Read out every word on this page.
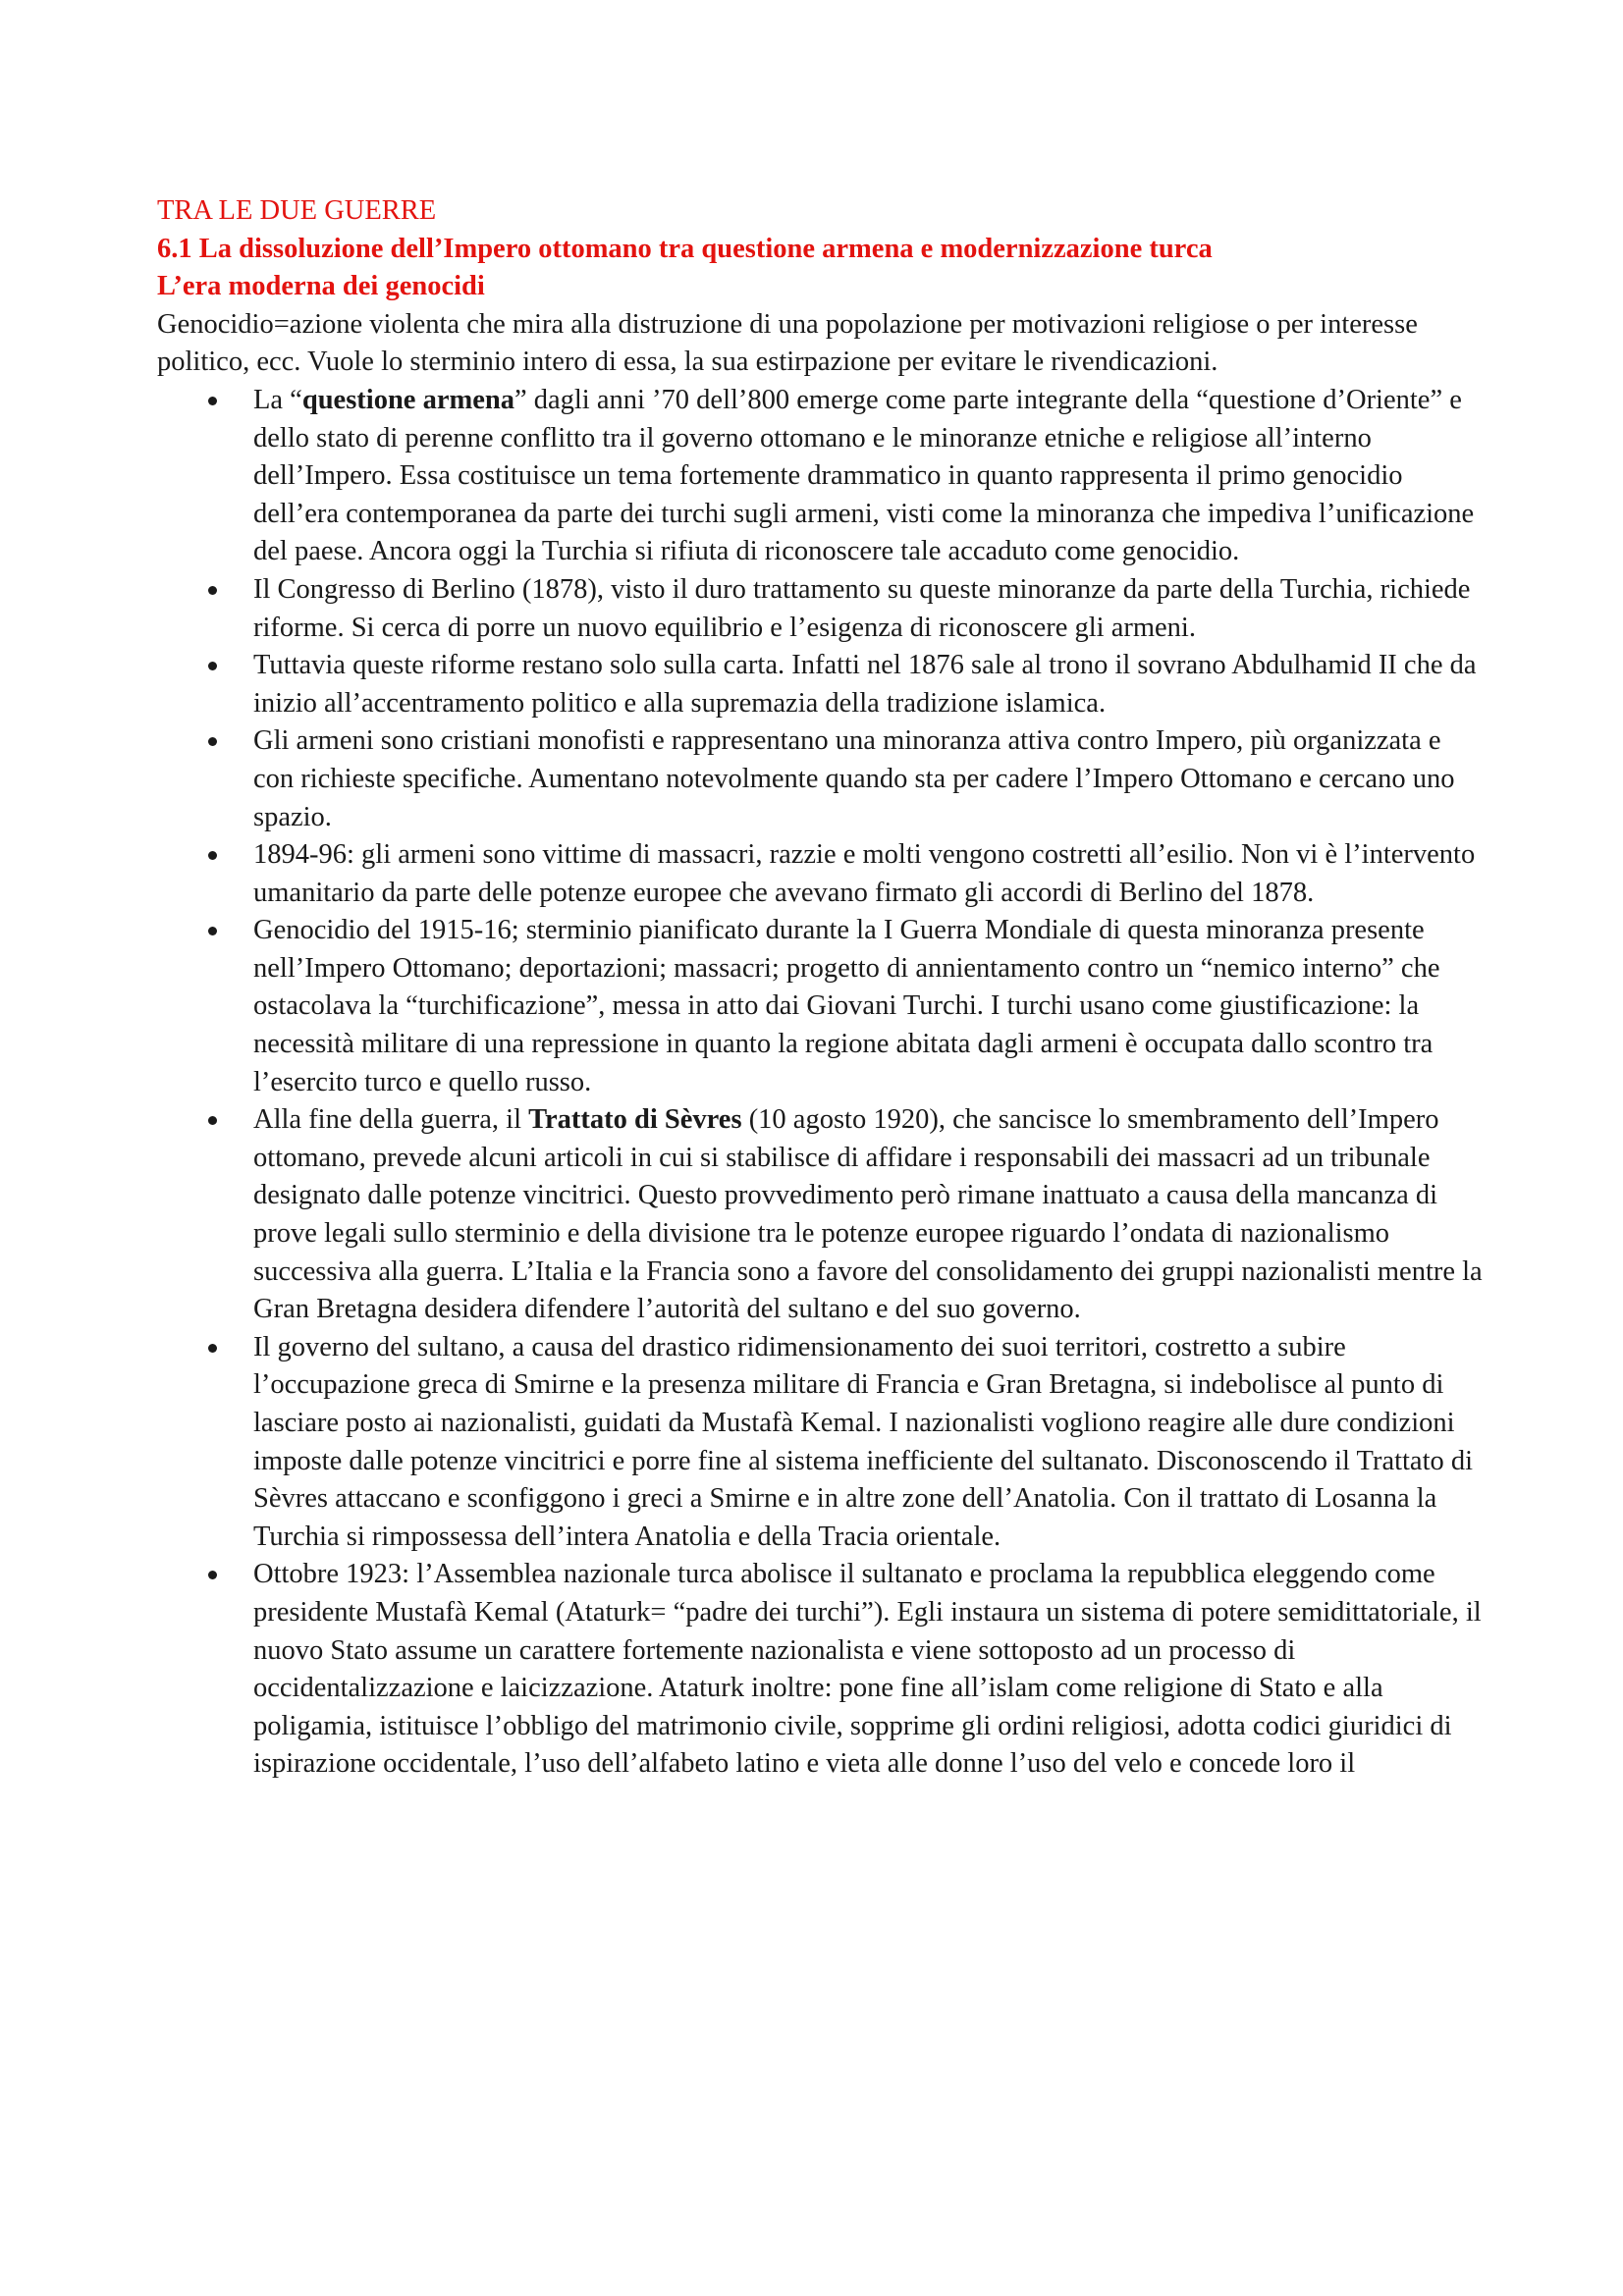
TRA LE DUE GUERRE

6.1 La dissoluzione dell’Impero ottomano tra questione armena e modernizzazione turca

L’era moderna dei genocidi

Genocidio=azione violenta che mira alla distruzione di una popolazione per motivazioni religiose o per interesse politico, ecc. Vuole lo sterminio intero di essa, la sua estirpazione per evitare le rivendicazioni.

La “questione armena” dagli anni ’70 dell’800 emerge come parte integrante della “questione d’Oriente” e dello stato di perenne conflitto tra il governo ottomano e le minoranze etniche e religiose all’interno dell’Impero. Essa costituisce un tema fortemente drammatico in quanto rappresenta il primo genocidio dell’era contemporanea da parte dei turchi sugli armeni, visti come la minoranza che impediva l’unificazione del paese. Ancora oggi la Turchia si rifiuta di riconoscere tale accaduto come genocidio.
Il Congresso di Berlino (1878), visto il duro trattamento su queste minoranze da parte della Turchia, richiede riforme. Si cerca di porre un nuovo equilibrio e l’esigenza di riconoscere gli armeni.
Tuttavia queste riforme restano solo sulla carta. Infatti nel 1876 sale al trono il sovrano Abdulhamid II che da inizio all’accentramento politico e alla supremazia della tradizione islamica.
Gli armeni sono cristiani monofisti e rappresentano una minoranza attiva contro Impero, più organizzata e con richieste specifiche. Aumentano notevolmente quando sta per cadere l’Impero Ottomano e cercano uno spazio.
1894-96: gli armeni sono vittime di massacri, razzie e molti vengono costretti all’esilio. Non vi è l’intervento umanitario da parte delle potenze europee che avevano firmato gli accordi di Berlino del 1878.
Genocidio del 1915-16; sterminio pianificato durante la I Guerra Mondiale di questa minoranza presente nell’Impero Ottomano; deportazioni; massacri; progetto di annientamento contro un “nemico interno” che ostacolava la “turchificazione”, messa in atto dai Giovani Turchi. I turchi usano come giustificazione: la necessità militare di una repressione in quanto la regione abitata dagli armeni è occupata dallo scontro tra l’esercito turco e quello russo.
Alla fine della guerra, il Trattato di Sèvres (10 agosto 1920), che sancisce lo smembramento dell’Impero ottomano, prevede alcuni articoli in cui si stabilisce di affidare i responsabili dei massacri ad un tribunale designato dalle potenze vincitrici. Questo provvedimento però rimane inattuato a causa della mancanza di prove legali sullo sterminio e della divisione tra le potenze europee riguardo l’ondata di nazionalismo successiva alla guerra. L’Italia e la Francia sono a favore del consolidamento dei gruppi nazionalisti mentre la Gran Bretagna desidera difendere l’autorità del sultano e del suo governo.
Il governo del sultano, a causa del drastico ridimensionamento dei suoi territori, costretto a subire l’occupazione greca di Smirne e la presenza militare di Francia e Gran Bretagna, si indebolisce al punto di lasciare posto ai nazionalisti, guidati da Mustafà Kemal. I nazionalisti vogliono reagire alle dure condizioni imposte dalle potenze vincitrici e porre fine al sistema inefficiente del sultanato. Disconoscendo il Trattato di Sèvres attaccano e sconfiggono i greci a Smirne e in altre zone dell’Anatolia. Con il trattato di Losanna la Turchia si rimpossessa dell’intera Anatolia e della Tracia orientale.
Ottobre 1923: l’Assemblea nazionale turca abolisce il sultanato e proclama la repubblica eleggendo come presidente Mustafà Kemal (Ataturk= “padre dei turchi”). Egli instaura un sistema di potere semidittatoriale, il nuovo Stato assume un carattere fortemente nazionalista e viene sottoposto ad un processo di occidentalizzazione e laicizzazione. Ataturk inoltre: pone fine all’islam come religione di Stato e alla poligamia, istituisce l’obbligo del matrimonio civile, sopprime gli ordini religiosi, adotta codici giuridici di ispirazione occidentale, l’uso dell’alfabeto latino e vieta alle donne l’uso del velo e concede loro il
